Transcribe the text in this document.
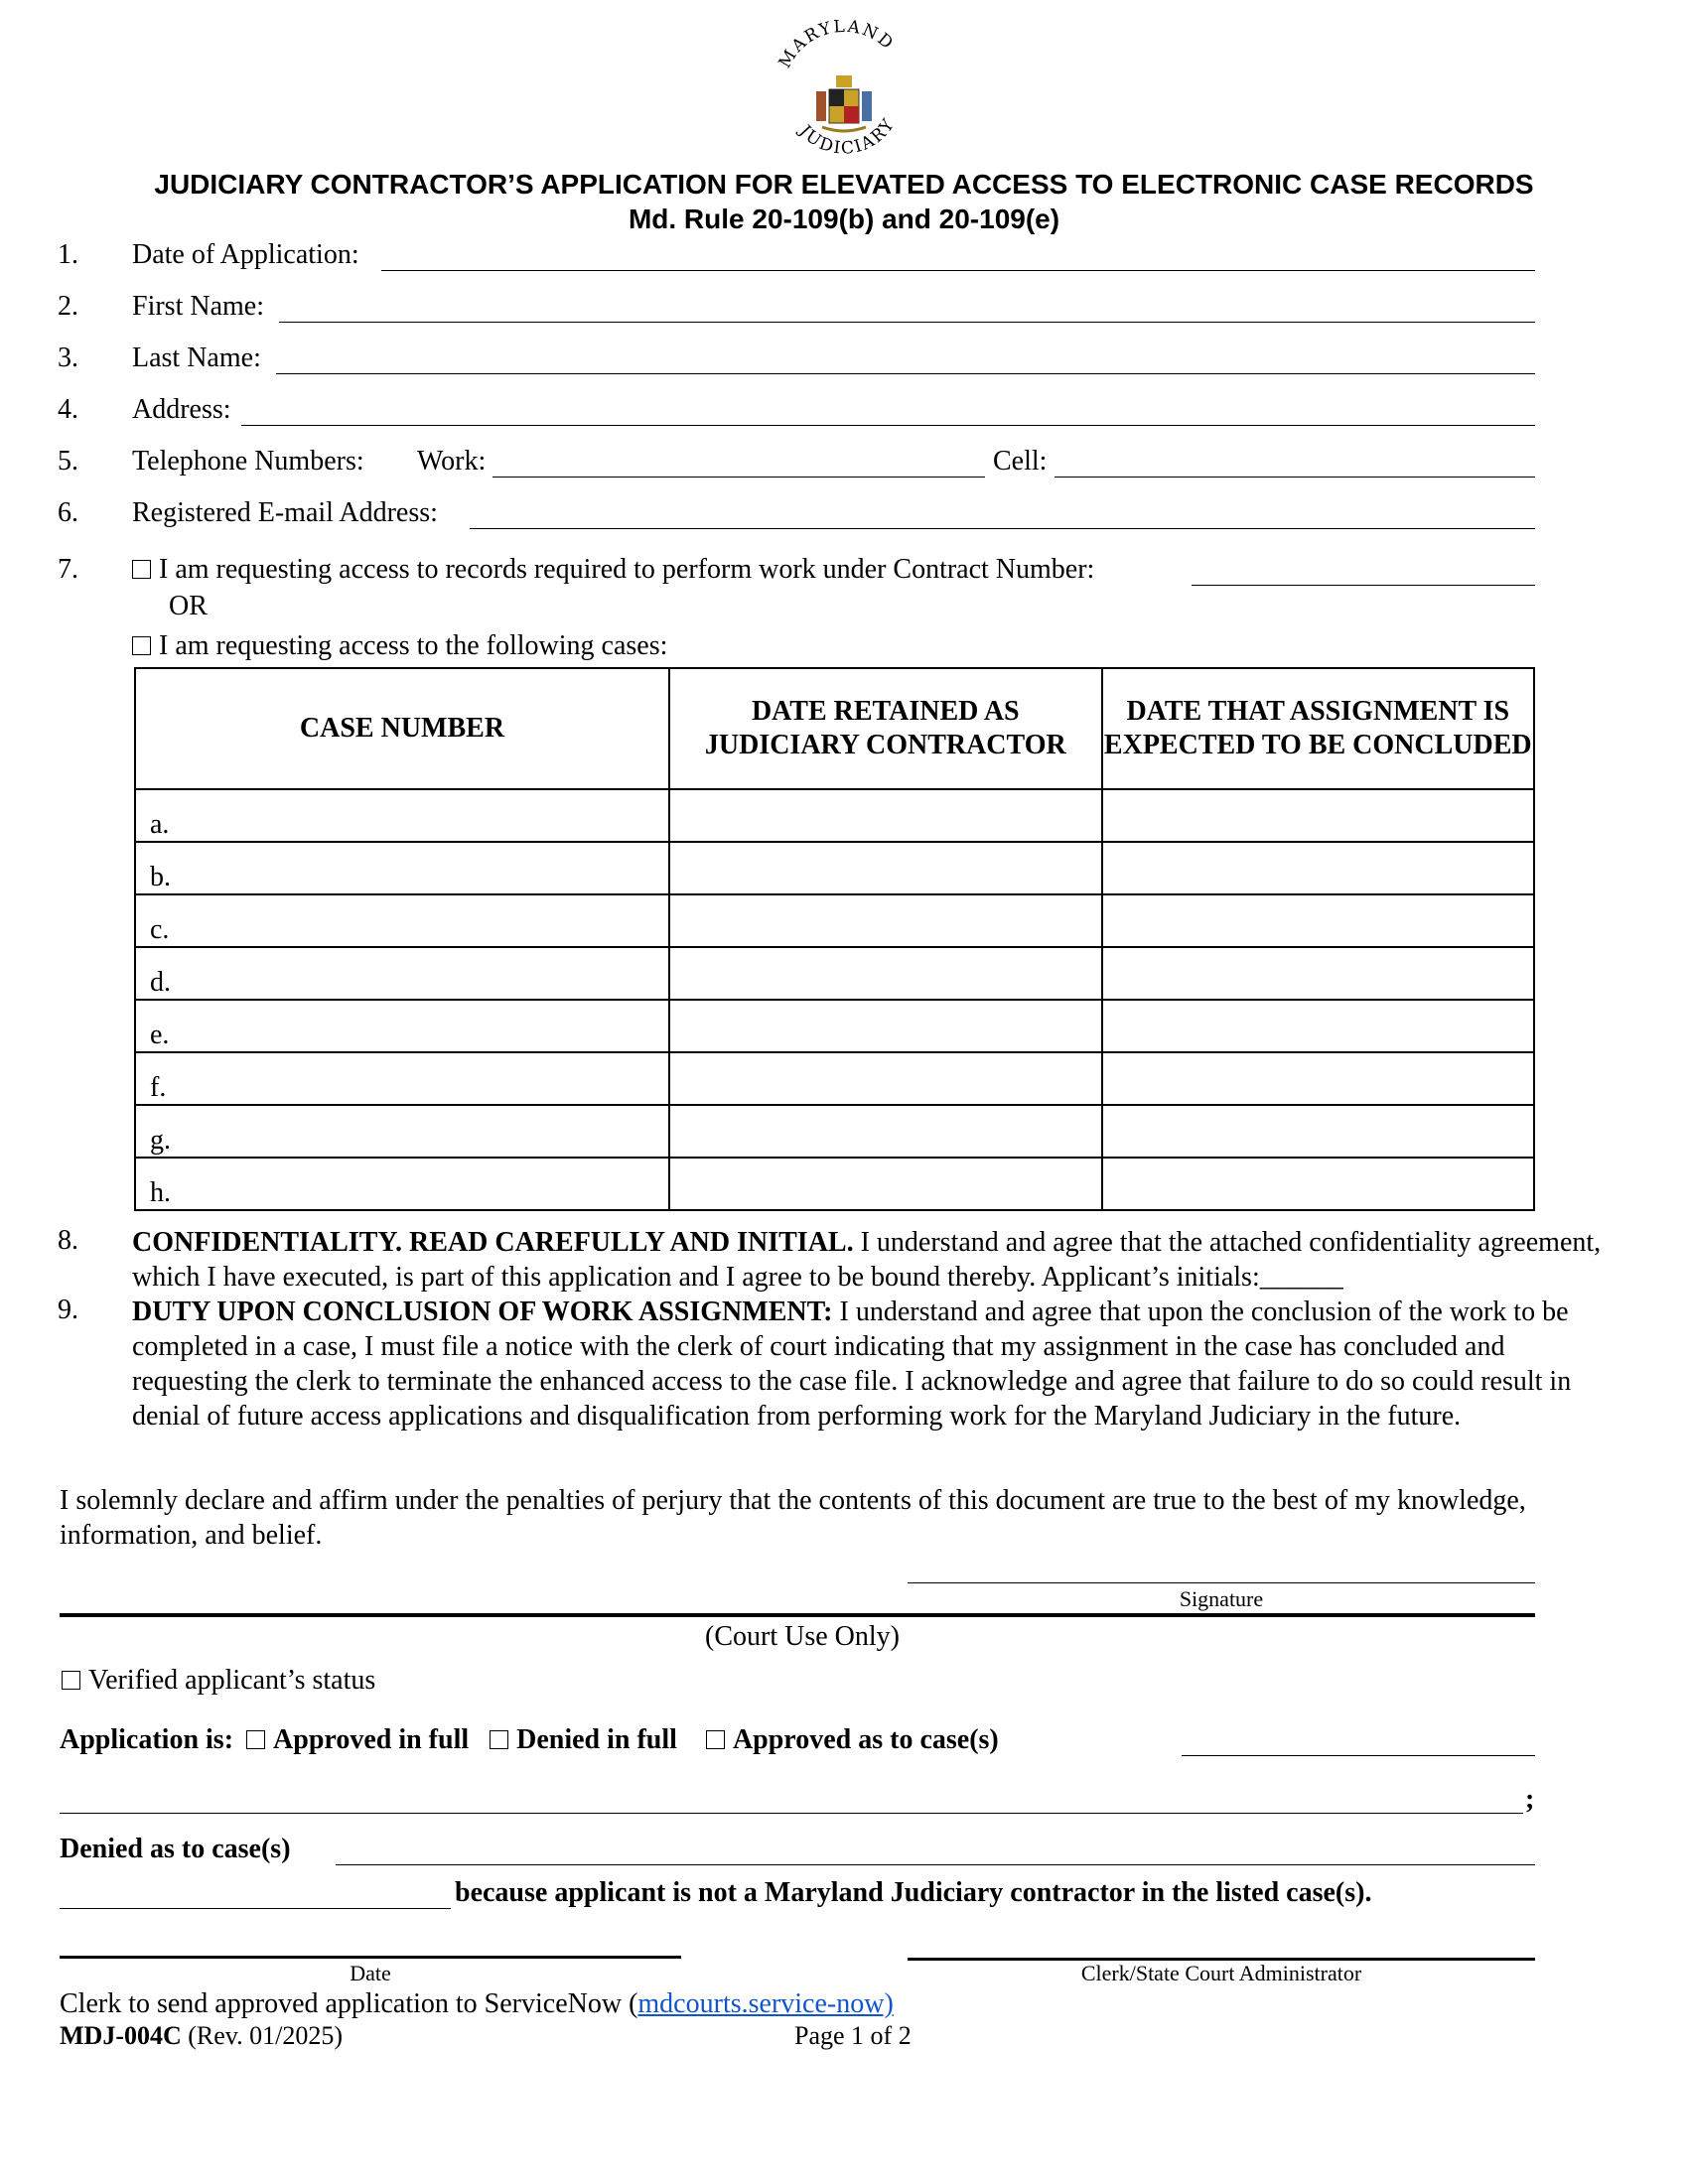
MARYLAND
JUDICIARY
JUDICIARY CONTRACTOR’S APPLICATION FOR ELEVATED ACCESS TO ELECTRONIC CASE RECORDS
Md. Rule 20-109(b) and 20-109(e)
1. Date of Application:
2. First Name:
3. Last Name:
4. Address:
5. Telephone Numbers: Work:	Cell:
6. Registered E-mail Address:
7.	I am requesting access to records required to perform work under Contract Number:
OR
I am requesting access to the following cases:
CASE NUMBER	DATE RETAINED AS JUDICIARY CONTRACTOR	DATE THAT ASSIGNMENT IS EXPECTED TO BE CONCLUDED
a.		
b.		
c.		
d.		
e.		
f.		
g.		
h.		
8. CONFIDENTIALITY. READ CAREFULLY AND INITIAL. I understand and agree that the attached confidentiality agreement, which I have executed, is part of this application and I agree to be bound thereby. Applicant’s initials:______
9. DUTY UPON CONCLUSION OF WORK ASSIGNMENT: I understand and agree that upon the conclusion of the work to be completed in a case, I must file a notice with the clerk of court indicating that my assignment in the case has concluded and requesting the clerk to terminate the enhanced access to the case file. I acknowledge and agree that failure to do so could result in denial of future access applications and disqualification from performing work for the Maryland Judiciary in the future.
I solemnly declare and affirm under the penalties of perjury that the contents of this document are true to the best of my knowledge, information, and belief.
Signature
(Court Use Only)
Verified applicant’s status
Application is: Approved in full Denied in full Approved as to case(s)
;
Denied as to case(s)
because applicant is not a Maryland Judiciary contractor in the listed case(s).
Date	Clerk/State Court Administrator
Clerk to send approved application to ServiceNow (mdcourts.service-now)
MDJ-004C (Rev. 01/2025)	Page 1 of 2
